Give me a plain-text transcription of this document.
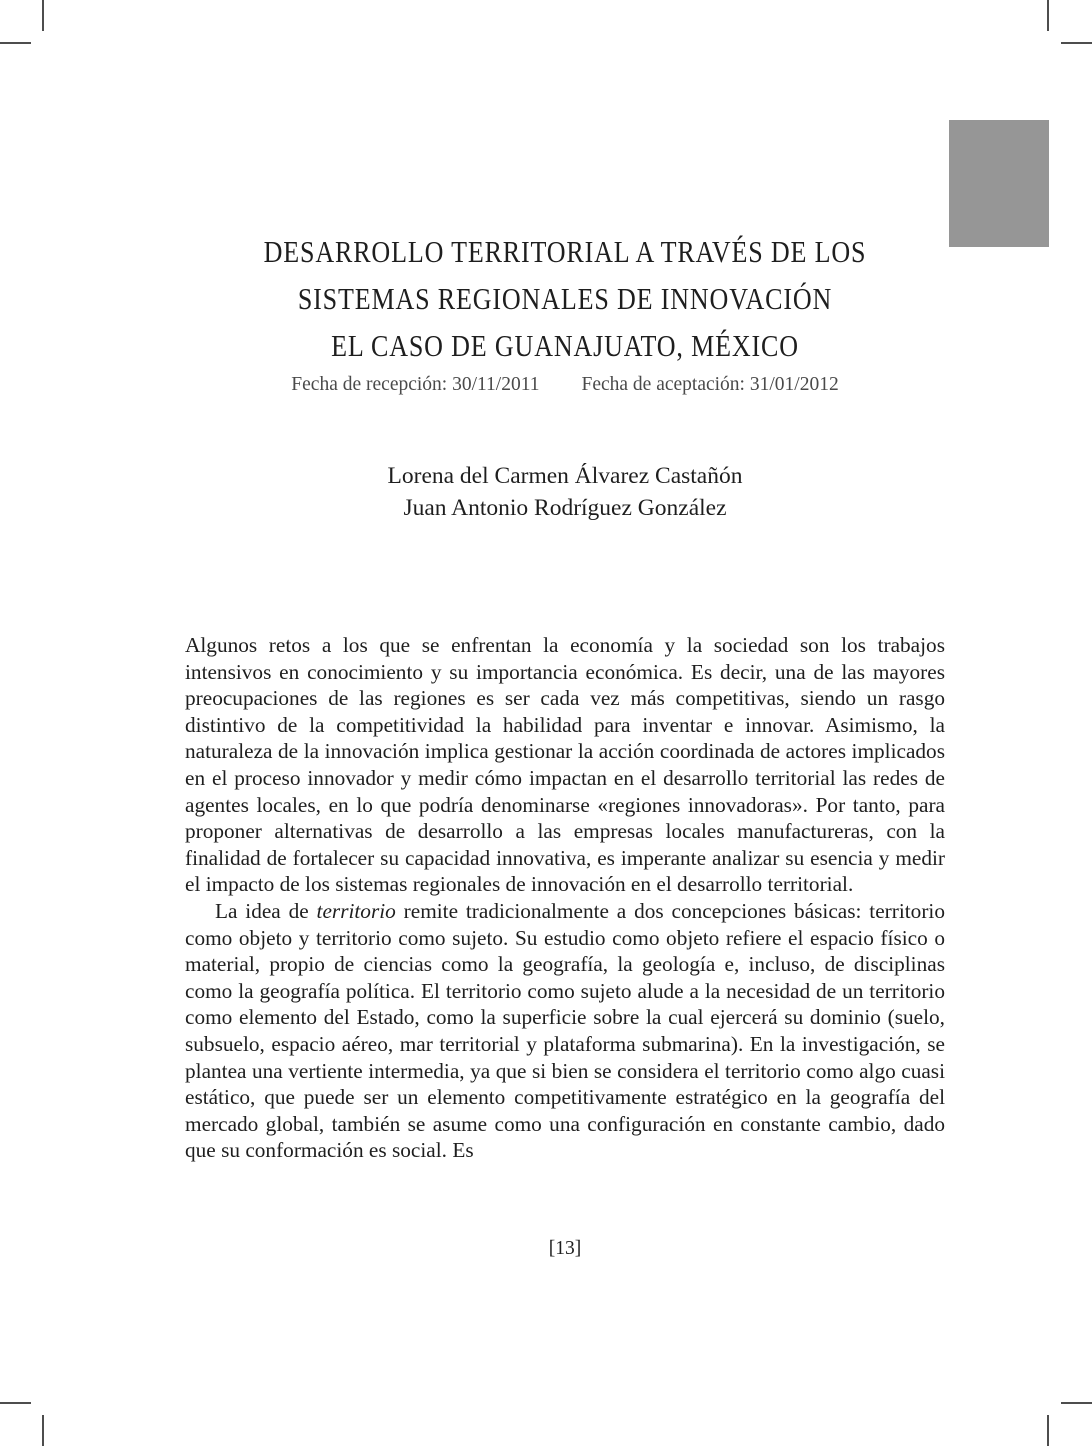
DESARROLLO TERRITORIAL A TRAVÉS DE LOS
SISTEMAS REGIONALES DE INNOVACIÓN
EL CASO DE GUANAJUATO, MÉXICO
Fecha de recepción: 30/11/2011 Fecha de aceptación: 31/01/2012
Lorena del Carmen Álvarez Castañón
Juan Antonio Rodríguez González

Algunos retos a los que se enfrentan la economía y la sociedad son los trabajos intensivos en conocimiento y su importancia económica. Es decir, una de las mayores preocupaciones de las regiones es ser cada vez más competitivas, siendo un rasgo distintivo de la competitividad la habilidad para inventar e innovar. Asimismo, la naturaleza de la innovación implica gestionar la acción coordinada de actores implicados en el proceso innovador y medir cómo impactan en el desarrollo territorial las redes de agentes locales, en lo que podría denominarse «regiones innovadoras». Por tanto, para proponer alternativas de desarrollo a las empresas locales manufactureras, con la finalidad de fortalecer su capacidad innovativa, es imperante analizar su esencia y medir el impacto de los sistemas regionales de innovación en el desarrollo territorial.

La idea de territorio remite tradicionalmente a dos concepciones básicas: territorio como objeto y territorio como sujeto. Su estudio como objeto refiere el espacio físico o material, propio de ciencias como la geografía, la geología e, incluso, de disciplinas como la geografía política. El territorio como sujeto alude a la necesidad de un territorio como elemento del Estado, como la superficie sobre la cual ejercerá su dominio (suelo, subsuelo, espacio aéreo, mar territorial y plataforma submarina). En la investigación, se plantea una vertiente intermedia, ya que si bien se considera el territorio como algo cuasi estático, que puede ser un elemento competitivamente estratégico en la geografía del mercado global, también se asume como una configuración en constante cambio, dado que su conformación es social. Es

[13]
